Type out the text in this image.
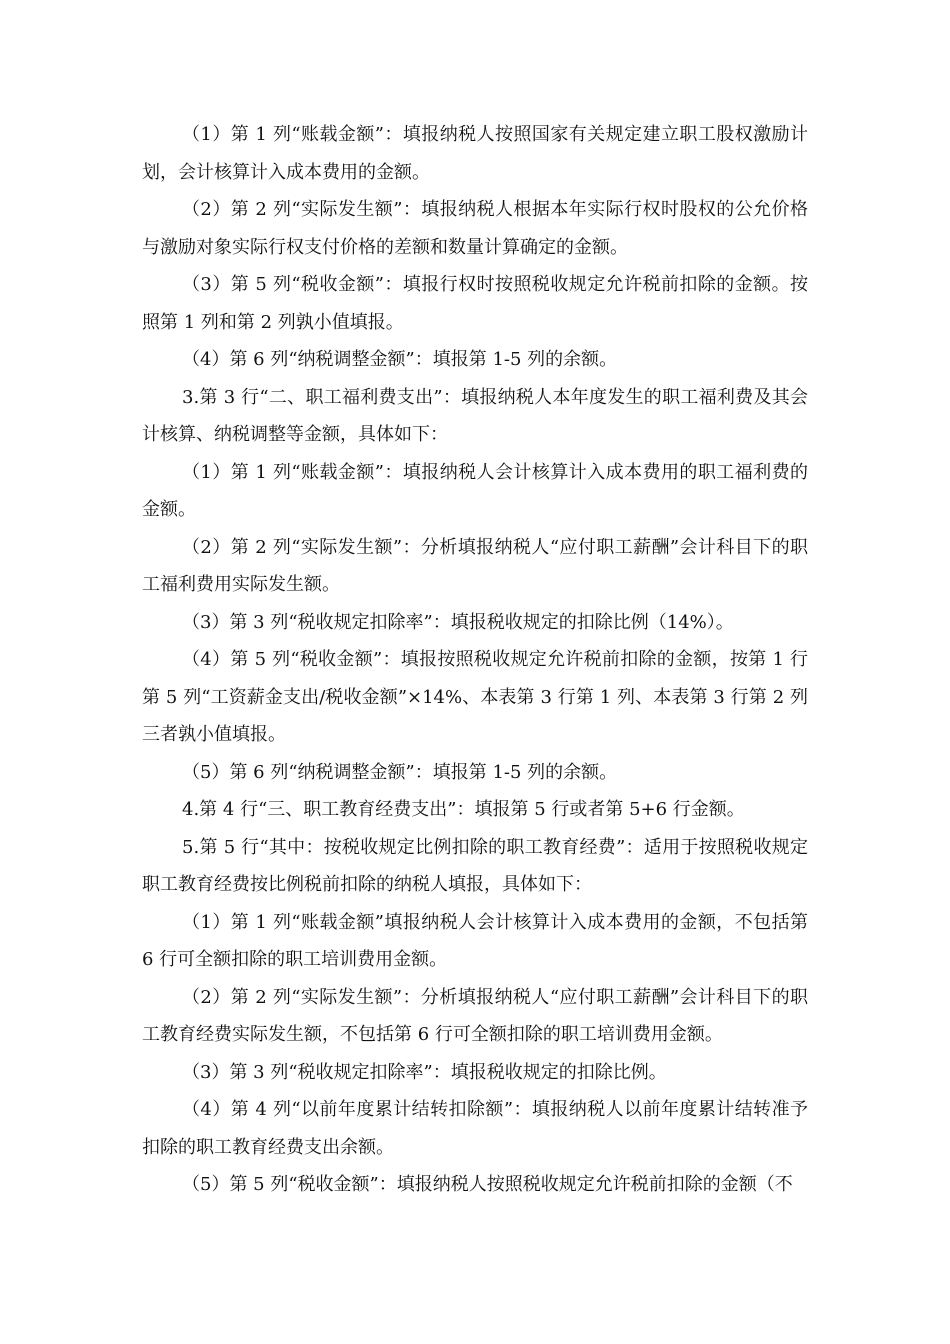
（1）第 1 列“账载金额”：填报纳税人按照国家有关规定建立职工股权激励计划，会计核算计入成本费用的金额。

（2）第 2 列“实际发生额”：填报纳税人根据本年实际行权时股权的公允价格与激励对象实际行权支付价格的差额和数量计算确定的金额。

（3）第 5 列“税收金额”：填报行权时按照税收规定允许税前扣除的金额。按照第 1 列和第 2 列孰小值填报。

（4）第 6 列“纳税调整金额”：填报第 1-5 列的余额。

3.第 3 行“二、职工福利费支出”：填报纳税人本年度发生的职工福利费及其会计核算、纳税调整等金额，具体如下：

（1）第 1 列“账载金额”：填报纳税人会计核算计入成本费用的职工福利费的金额。

（2）第 2 列“实际发生额”：分析填报纳税人“应付职工薪酬”会计科目下的职工福利费用实际发生额。

（3）第 3 列“税收规定扣除率”：填报税收规定的扣除比例（14%）。

（4）第 5 列“税收金额”：填报按照税收规定允许税前扣除的金额，按第 1 行第 5 列“工资薪金支出/税收金额”×14%、本表第 3 行第 1 列、本表第 3 行第 2 列三者孰小值填报。

（5）第 6 列“纳税调整金额”：填报第 1-5 列的余额。

4.第 4 行“三、职工教育经费支出”：填报第 5 行或者第 5+6 行金额。

5.第 5 行“其中：按税收规定比例扣除的职工教育经费”：适用于按照税收规定职工教育经费按比例税前扣除的纳税人填报，具体如下：

（1）第 1 列“账载金额”填报纳税人会计核算计入成本费用的金额，不包括第 6 行可全额扣除的职工培训费用金额。

（2）第 2 列“实际发生额”：分析填报纳税人“应付职工薪酬”会计科目下的职工教育经费实际发生额，不包括第 6 行可全额扣除的职工培训费用金额。

（3）第 3 列“税收规定扣除率”：填报税收规定的扣除比例。

（4）第 4 列“以前年度累计结转扣除额”：填报纳税人以前年度累计结转准予扣除的职工教育经费支出余额。

（5）第 5 列“税收金额”：填报纳税人按照税收规定允许税前扣除的金额（不
